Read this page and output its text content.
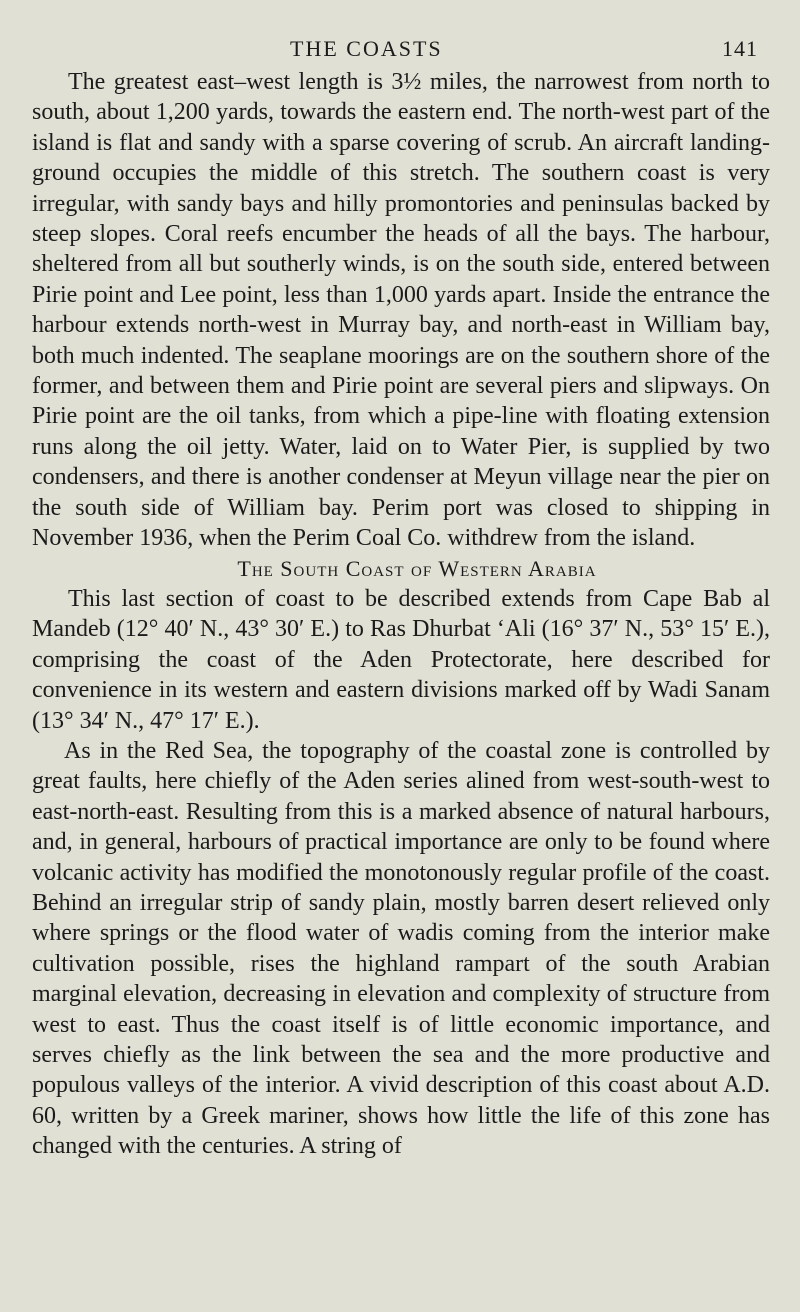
THE COASTS	141

The greatest east–west length is 3½ miles, the narrowest from north to south, about 1,200 yards, towards the eastern end. The north-west part of the island is flat and sandy with a sparse covering of scrub. An aircraft landing-ground occupies the middle of this stretch. The southern coast is very irregular, with sandy bays and hilly promontories and peninsulas backed by steep slopes. Coral reefs encumber the heads of all the bays. The harbour, sheltered from all but southerly winds, is on the south side, entered between Pirie point and Lee point, less than 1,000 yards apart. Inside the entrance the harbour extends north-west in Murray bay, and north-east in William bay, both much indented. The seaplane moorings are on the southern shore of the former, and between them and Pirie point are several piers and slipways. On Pirie point are the oil tanks, from which a pipe-line with floating extension runs along the oil jetty. Water, laid on to Water Pier, is supplied by two condensers, and there is another condenser at Meyun village near the pier on the south side of William bay. Perim port was closed to shipping in November 1936, when the Perim Coal Co. withdrew from the island.

The South Coast of Western Arabia

This last section of coast to be described extends from Cape Bab al Mandeb (12° 40′ N., 43° 30′ E.) to Ras Dhurbat ‘Ali (16° 37′ N., 53° 15′ E.), comprising the coast of the Aden Protectorate, here described for convenience in its western and eastern divisions marked off by Wadi Sanam (13° 34′ N., 47° 17′ E.).

As in the Red Sea, the topography of the coastal zone is controlled by great faults, here chiefly of the Aden series alined from west-south-west to east-north-east. Resulting from this is a marked absence of natural harbours, and, in general, harbours of practical importance are only to be found where volcanic activity has modified the monotonously regular profile of the coast. Behind an irregular strip of sandy plain, mostly barren desert relieved only where springs or the flood water of wadis coming from the interior make cultivation possible, rises the highland rampart of the south Arabian marginal elevation, decreasing in elevation and complexity of structure from west to east. Thus the coast itself is of little economic importance, and serves chiefly as the link between the sea and the more productive and populous valleys of the interior. A vivid description of this coast about A.D. 60, written by a Greek mariner, shows how little the life of this zone has changed with the centuries. A string of
